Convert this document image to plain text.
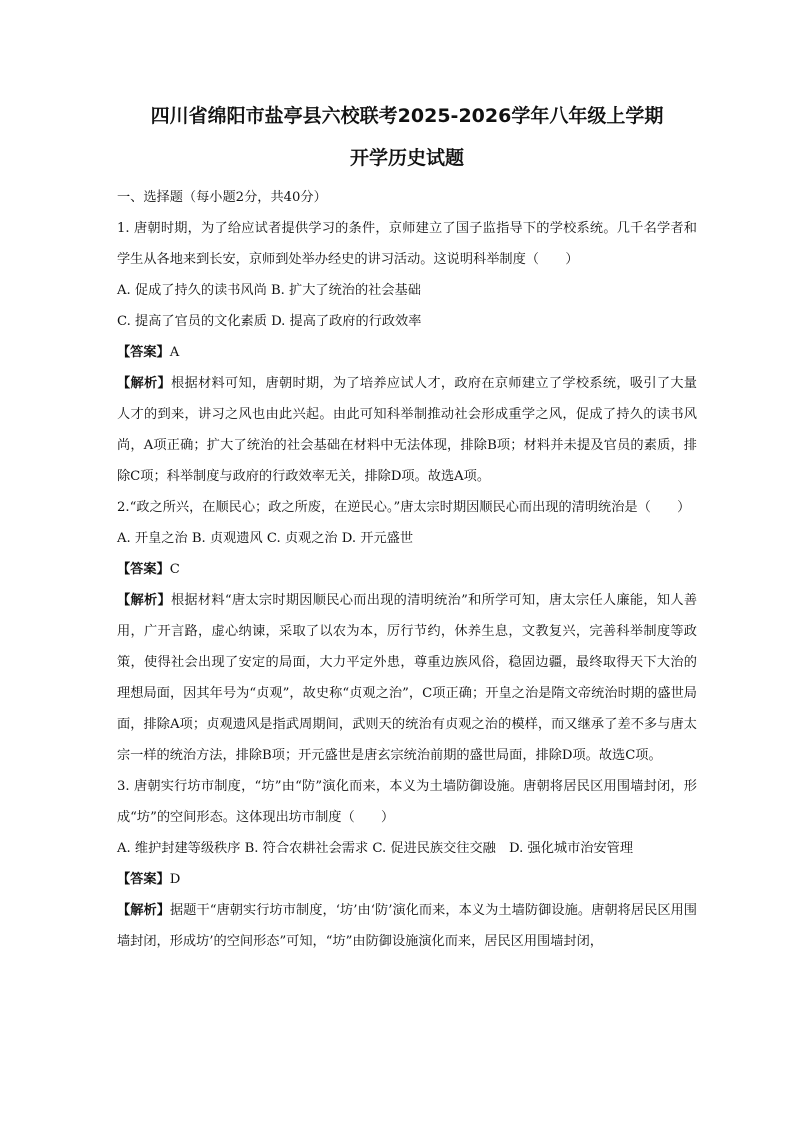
四川省绵阳市盐亭县六校联考2025-2026学年八年级上学期
开学历史试题

一、选择题（每小题2分，共40分）

1. 唐朝时期，为了给应试者提供学习的条件，京师建立了国子监指导下的学校系统。几千名学者和学生从各地来到长安，京师到处举办经史的讲习活动。这说明科举制度（　　）

A. 促成了持久的读书风尚 B. 扩大了统治的社会基础

C. 提高了官员的文化素质 D. 提高了政府的行政效率

【答案】A

【解析】根据材料可知，唐朝时期，为了培养应试人才，政府在京师建立了学校系统，吸引了大量人才的到来，讲习之风也由此兴起。由此可知科举制推动社会形成重学之风，促成了持久的读书风尚，A项正确；扩大了统治的社会基础在材料中无法体现，排除B项；材料并未提及官员的素质，排除C项；科举制度与政府的行政效率无关，排除D项。故选A项。

2.“政之所兴，在顺民心；政之所废，在逆民心。”唐太宗时期因顺民心而出现的清明统治是（　　）

A. 开皇之治 B. 贞观遗风 C. 贞观之治 D. 开元盛世

【答案】C

【解析】根据材料“唐太宗时期因顺民心而出现的清明统治”和所学可知，唐太宗任人廉能，知人善用，广开言路，虚心纳谏，采取了以农为本，厉行节约，休养生息，文教复兴，完善科举制度等政策，使得社会出现了安定的局面，大力平定外患，尊重边族风俗，稳固边疆，最终取得天下大治的理想局面，因其年号为“贞观”，故史称“贞观之治”，C项正确；开皇之治是隋文帝统治时期的盛世局面，排除A项；贞观遗风是指武周期间，武则天的统治有贞观之治的模样，而又继承了差不多与唐太宗一样的统治方法，排除B项；开元盛世是唐玄宗统治前期的盛世局面，排除D项。故选C项。

3. 唐朝实行坊市制度，“坊”由“防”演化而来，本义为土墙防御设施。唐朝将居民区用围墙封闭，形成“坊”的空间形态。这体现出坊市制度（　　）

A. 维护封建等级秩序 B. 符合农耕社会需求 C. 促进民族交往交融　D. 强化城市治安管理

【答案】D

【解析】据题干“唐朝实行坊市制度，‘坊’由‘防’演化而来，本义为土墙防御设施。唐朝将居民区用围墙封闭，形成坊’的空间形态”可知，“坊”由防御设施演化而来，居民区用围墙封闭，
